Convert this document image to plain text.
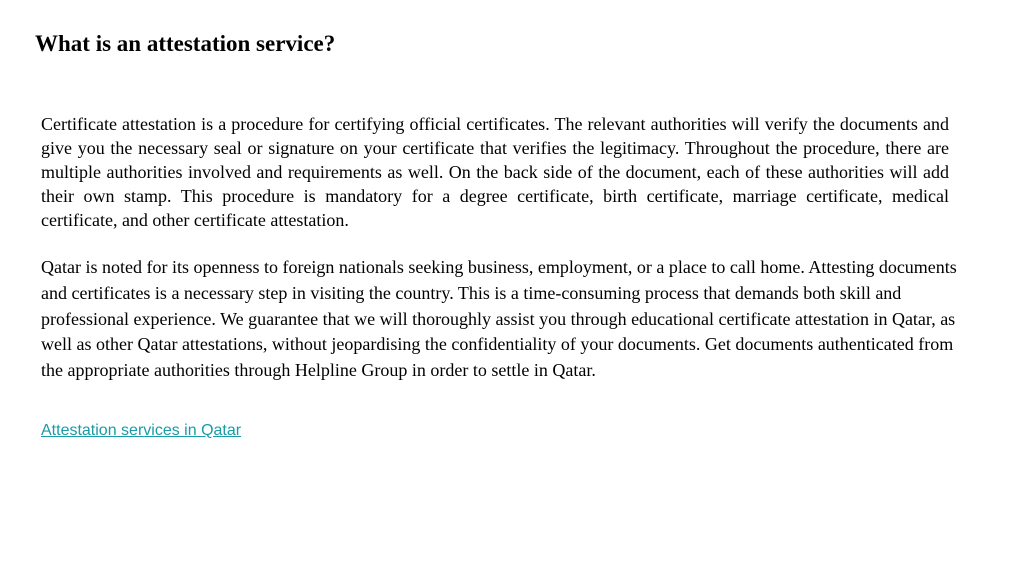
What is an attestation service?

Certificate attestation is a procedure for certifying official certificates. The relevant authorities will verify the documents and give you the necessary seal or signature on your certificate that verifies the legitimacy. Throughout the procedure, there are multiple authorities involved and requirements as well. On the back side of the document, each of these authorities will add their own stamp. This procedure is mandatory for a degree certificate, birth certificate, marriage certificate, medical certificate, and other certificate attestation.

Qatar is noted for its openness to foreign nationals seeking business, employment, or a place to call home. Attesting documents and certificates is a necessary step in visiting the country. This is a time-consuming process that demands both skill and professional experience. We guarantee that we will thoroughly assist you through educational certificate attestation in Qatar, as well as other Qatar attestations, without jeopardising the confidentiality of your documents. Get documents authenticated from the appropriate authorities through Helpline Group in order to settle in Qatar.

Attestation services in Qatar
